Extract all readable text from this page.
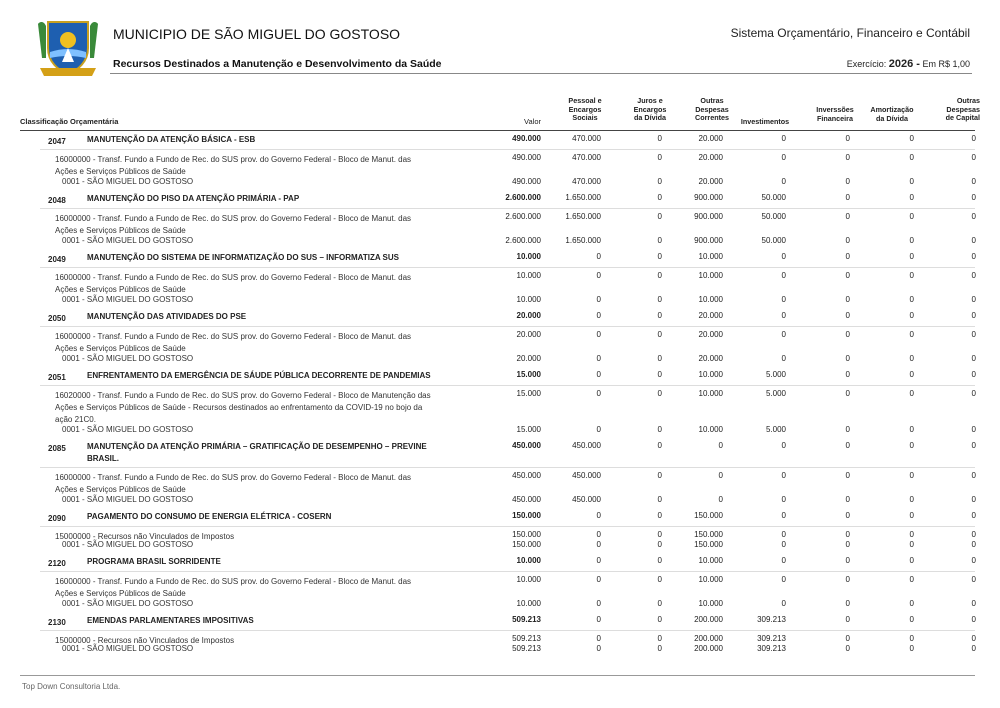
MUNICIPIO DE SÃO MIGUEL DO GOSTOSO	Sistema Orçamentário, Financeiro e Contábil
Recursos Destinados a Manutenção e Desenvolvimento da Saúde	Exercício: 2026 - Em R$ 1,00
Classificação Orçamentária	Valor
Pessoal e
Encargos
Sociais
Juros e
Encargos
da Dívida
Outras
Despesas
Correntes	Investimentos
Inverssões
Financeira
Amortização
da Dívida
Outras
Despesas
de Capital
2047	MANUTENÇÃO DA ATENÇÃO BÁSICA - ESB	490.000	470.000	0	20.000	0	0	0	0
16000000 - Transf. Fundo a Fundo de Rec. do SUS prov. do Governo Federal - Bloco de Manut. das Ações e Serviços Públicos de Saúde
490.000	470.000	0	20.000	0	0	0	0
0001 - SÃO MIGUEL DO GOSTOSO	490.000	470.000	0	20.000	0	0	0	0
2048	MANUTENÇÃO DO PISO DA ATENÇÃO PRIMÁRIA - PAP	2.600.000	1.650.000	0	900.000	50.000	0	0	0
16000000 - Transf. Fundo a Fundo de Rec. do SUS prov. do Governo Federal - Bloco de Manut. das Ações e Serviços Públicos de Saúde
2.600.000	1.650.000	0	900.000	50.000	0	0	0
0001 - SÃO MIGUEL DO GOSTOSO	2.600.000	1.650.000	0	900.000	50.000	0	0	0
2049	MANUTENÇÃO DO SISTEMA DE INFORMATIZAÇÃO DO SUS – INFORMATIZA SUS	10.000	0	0	10.000	0	0	0	0
16000000 - Transf. Fundo a Fundo de Rec. do SUS prov. do Governo Federal - Bloco de Manut. das Ações e Serviços Públicos de Saúde
10.000	0	0	10.000	0	0	0	0
0001 - SÃO MIGUEL DO GOSTOSO	10.000	0	0	10.000	0	0	0	0
2050	MANUTENÇÃO DAS ATIVIDADES DO PSE	20.000	0	0	20.000	0	0	0	0
16000000 - Transf. Fundo a Fundo de Rec. do SUS prov. do Governo Federal - Bloco de Manut. das Ações e Serviços Públicos de Saúde
20.000	0	0	20.000	0	0	0	0
0001 - SÃO MIGUEL DO GOSTOSO	20.000	0	0	20.000	0	0	0	0
2051	ENFRENTAMENTO DA EMERGÊNCIA DE SÁUDE PÚBLICA DECORRENTE DE PANDEMIAS	15.000	0	0	10.000	5.000	0	0	0
16020000 - Transf. Fundo a Fundo de Rec. do SUS prov. do Governo Federal - Bloco de Manutenção das Ações e Serviços Públicos de Saúde - Recursos destinados ao enfrentamento da COVID-19 no bojo da ação 21C0.
15.000	0	0	10.000	5.000	0	0	0
0001 - SÃO MIGUEL DO GOSTOSO	15.000	0	0	10.000	5.000	0	0	0
2085	MANUTENÇÃO DA ATENÇÃO PRIMÁRIA – GRATIFICAÇÃO DE DESEMPENHO – PREVINE BRASIL.
450.000	450.000	0	0	0	0	0	0
16000000 - Transf. Fundo a Fundo de Rec. do SUS prov. do Governo Federal - Bloco de Manut. das Ações e Serviços Públicos de Saúde
450.000	450.000	0	0	0	0	0	0
0001 - SÃO MIGUEL DO GOSTOSO	450.000	450.000	0	0	0	0	0	0
2090	PAGAMENTO DO CONSUMO DE ENERGIA ELÉTRICA - COSERN	150.000	0	0	150.000	0	0	0	0
15000000 - Recursos não Vinculados de Impostos	150.000	0	0	150.000	0	0	0	0
0001 - SÃO MIGUEL DO GOSTOSO	150.000	0	0	150.000	0	0	0	0
2120	PROGRAMA BRASIL SORRIDENTE	10.000	0	0	10.000	0	0	0	0
16000000 - Transf. Fundo a Fundo de Rec. do SUS prov. do Governo Federal - Bloco de Manut. das Ações e Serviços Públicos de Saúde
10.000	0	0	10.000	0	0	0	0
0001 - SÃO MIGUEL DO GOSTOSO	10.000	0	0	10.000	0	0	0	0
2130	EMENDAS PARLAMENTARES IMPOSITIVAS	509.213	0	0	200.000	309.213	0	0	0
15000000 - Recursos não Vinculados de Impostos	509.213	0	0	200.000	309.213	0	0	0
0001 - SÃO MIGUEL DO GOSTOSO	509.213	0	0	200.000	309.213	0	0	0
Top Down Consultoria Ltda.
